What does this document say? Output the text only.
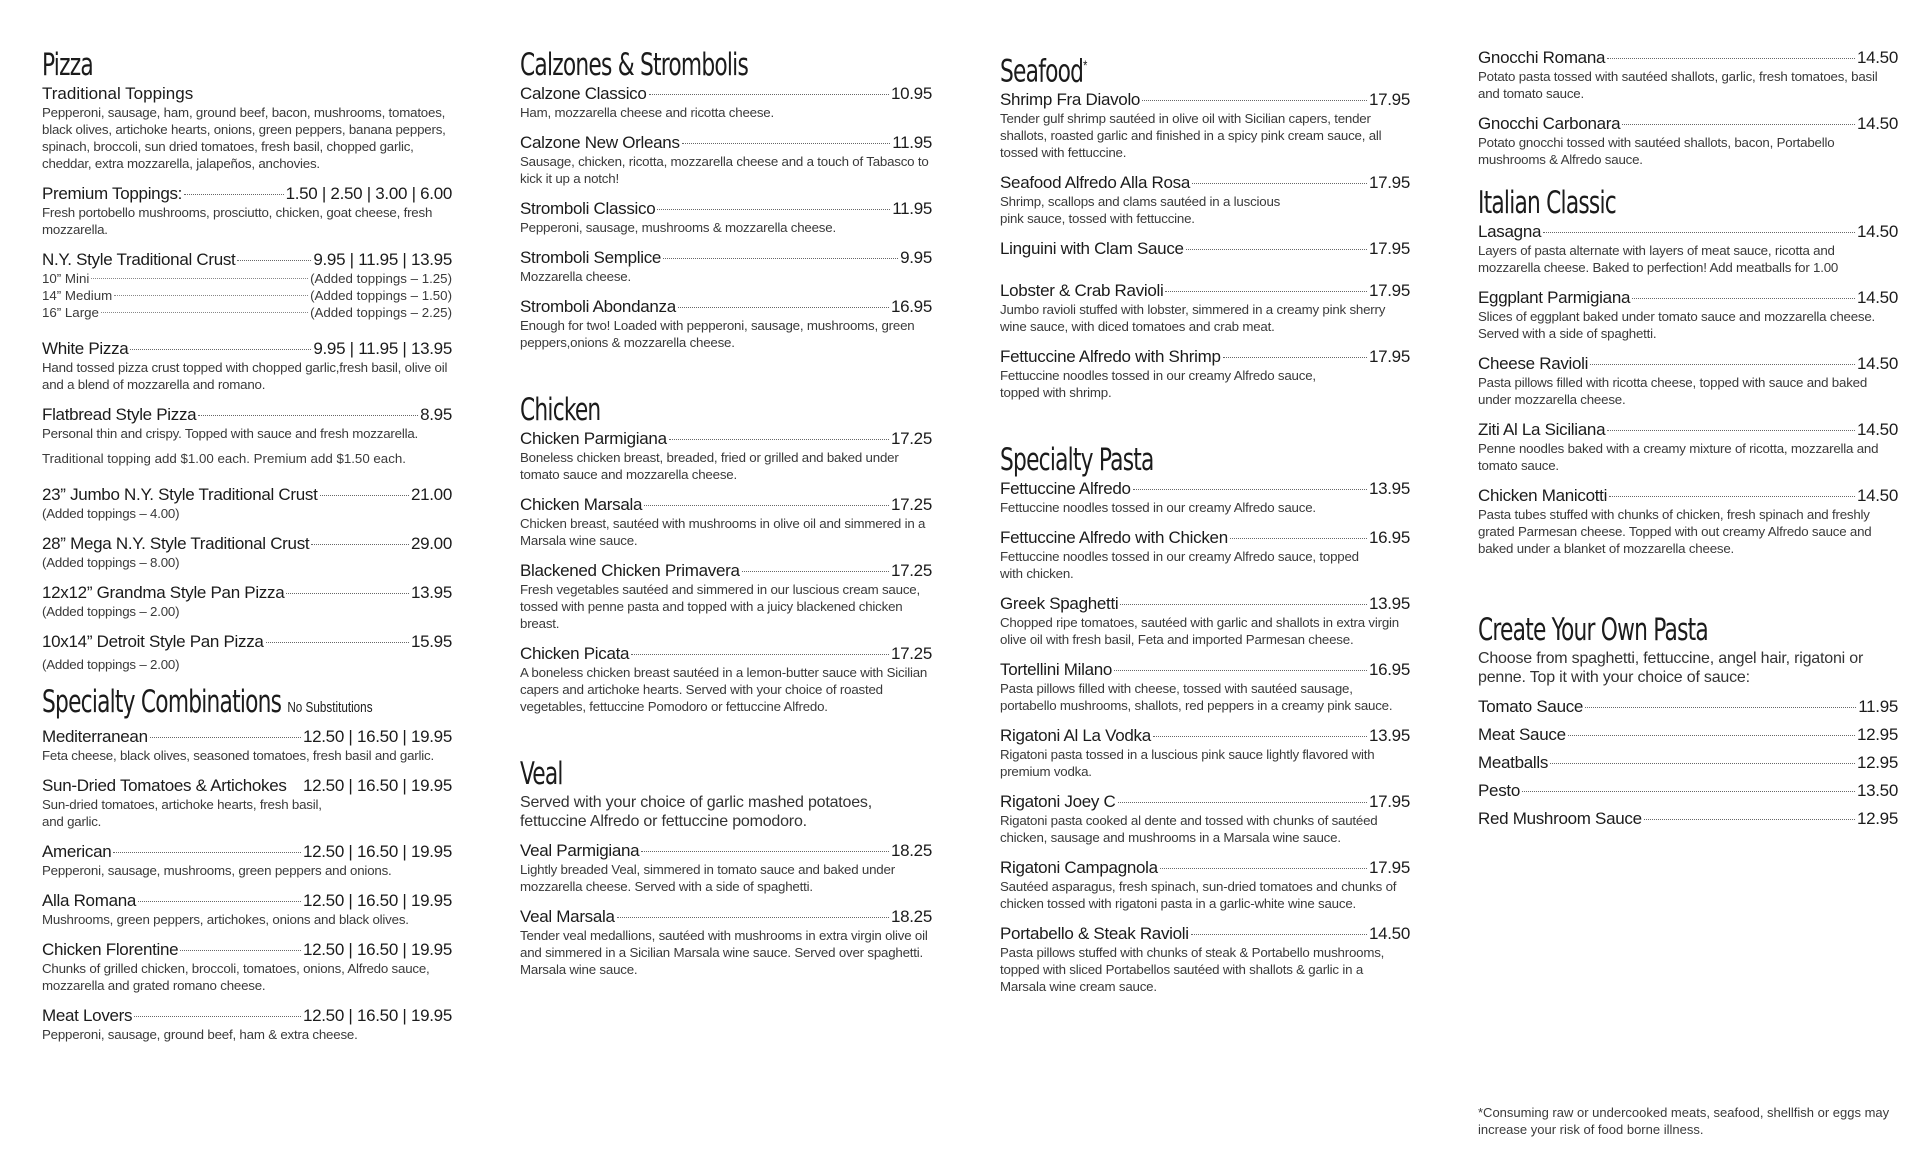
Pizza
Traditional Toppings
Pepperoni, sausage, ham, ground beef, bacon, mushrooms, tomatoes, black olives, artichoke hearts, onions, green peppers, banana peppers, spinach, broccoli, sun dried tomatoes, fresh basil, chopped garlic, cheddar, extra mozzarella, jalapeños, anchovies.
Premium Toppings:	1.50 | 2.50 | 3.00 | 6.00
Fresh portobello mushrooms, prosciutto, chicken, goat cheese, fresh mozzarella.
N.Y. Style Traditional Crust	9.95 | 11.95 | 13.95
10” Mini	(Added toppings – 1.25)
14” Medium	(Added toppings – 1.50)
16” Large	(Added toppings – 2.25)
White Pizza	9.95 | 11.95 | 13.95
Hand tossed pizza crust topped with chopped garlic,fresh basil, olive oil and a blend of mozzarella and romano.
Flatbread Style Pizza	8.95
Personal thin and crispy. Topped with sauce and fresh mozzarella.
Traditional topping add $1.00 each. Premium add $1.50 each.
23” Jumbo N.Y. Style Traditional Crust	21.00
(Added toppings – 4.00)
28” Mega N.Y. Style Traditional Crust	29.00
(Added toppings – 8.00)
12x12” Grandma Style Pan Pizza	13.95
(Added toppings – 2.00)
10x14” Detroit Style Pan Pizza	15.95
(Added toppings – 2.00)
Specialty Combinations No Substitutions
Mediterranean	12.50 | 16.50 | 19.95
Feta cheese, black olives, seasoned tomatoes, fresh basil and garlic.
Sun-Dried Tomatoes & Artichokes 12.50 | 16.50 | 19.95
Sun-dried tomatoes, artichoke hearts, fresh basil, and garlic.
American	12.50 | 16.50 | 19.95
Pepperoni, sausage, mushrooms, green peppers and onions.
Alla Romana	12.50 | 16.50 | 19.95
Mushrooms, green peppers, artichokes, onions and black olives.
Chicken Florentine	12.50 | 16.50 | 19.95
Chunks of grilled chicken, broccoli, tomatoes, onions, Alfredo sauce, mozzarella and grated romano cheese.
Meat Lovers	12.50 | 16.50 | 19.95
Pepperoni, sausage, ground beef, ham & extra cheese.
Calzones & Strombolis
Calzone Classico	10.95
Ham, mozzarella cheese and ricotta cheese.
Calzone New Orleans	11.95
Sausage, chicken, ricotta, mozzarella cheese and a touch of Tabasco to kick it up a notch!
Stromboli Classico	11.95
Pepperoni, sausage, mushrooms & mozzarella cheese.
Stromboli Semplice	9.95
Mozzarella cheese.
Stromboli Abondanza	16.95
Enough for two! Loaded with pepperoni, sausage, mushrooms, green peppers,onions & mozzarella cheese.
Chicken
Chicken Parmigiana	17.25
Boneless chicken breast, breaded, fried or grilled and baked under tomato sauce and mozzarella cheese.
Chicken Marsala	17.25
Chicken breast, sautéed with mushrooms in olive oil and simmered in a Marsala wine sauce.
Blackened Chicken Primavera	17.25
Fresh vegetables sautéed and simmered in our luscious cream sauce, tossed with penne pasta and topped with a juicy blackened chicken breast.
Chicken Picata	17.25
A boneless chicken breast sautéed in a lemon-butter sauce with Sicilian capers and artichoke hearts. Served with your choice of roasted vegetables, fettuccine Pomodoro or fettuccine Alfredo.
Veal
Served with your choice of garlic mashed potatoes, fettuccine Alfredo or fettuccine pomodoro.
Veal Parmigiana	18.25
Lightly breaded Veal, simmered in tomato sauce and baked under mozzarella cheese. Served with a side of spaghetti.
Veal Marsala	18.25
Tender veal medallions, sautéed with mushrooms in extra virgin olive oil and simmered in a Sicilian Marsala wine sauce. Served over spaghetti. Marsala wine sauce.
Seafood*
Shrimp Fra Diavolo	17.95
Tender gulf shrimp sautéed in olive oil with Sicilian capers, tender shallots, roasted garlic and finished in a spicy pink cream sauce, all tossed with fettuccine.
Seafood Alfredo Alla Rosa	17.95
Shrimp, scallops and clams sautéed in a luscious pink sauce, tossed with fettuccine.
Linguini with Clam Sauce	17.95
Lobster & Crab Ravioli	17.95
Jumbo ravioli stuffed with lobster, simmered in a creamy pink sherry wine sauce, with diced tomatoes and crab meat.
Fettuccine Alfredo with Shrimp	17.95
Fettuccine noodles tossed in our creamy Alfredo sauce, topped with shrimp.
Specialty Pasta
Fettuccine Alfredo	13.95
Fettuccine noodles tossed in our creamy Alfredo sauce.
Fettuccine Alfredo with Chicken	16.95
Fettuccine noodles tossed in our creamy Alfredo sauce, topped with chicken.
Greek Spaghetti	13.95
Chopped ripe tomatoes, sautéed with garlic and shallots in extra virgin olive oil with fresh basil, Feta and imported Parmesan cheese.
Tortellini Milano	16.95
Pasta pillows filled with cheese, tossed with sautéed sausage, portabello mushrooms, shallots, red peppers in a creamy pink sauce.
Rigatoni Al La Vodka	13.95
Rigatoni pasta tossed in a luscious pink sauce lightly flavored with premium vodka.
Rigatoni Joey C	17.95
Rigatoni pasta cooked al dente and tossed with chunks of sautéed chicken, sausage and mushrooms in a Marsala wine sauce.
Rigatoni Campagnola	17.95
Sautéed asparagus, fresh spinach, sun-dried tomatoes and chunks of chicken tossed with rigatoni pasta in a garlic-white wine sauce.
Portabello & Steak Ravioli	14.50
Pasta pillows stuffed with chunks of steak & Portabello mushrooms, topped with sliced Portabellos sautéed with shallots & garlic in a Marsala wine cream sauce.
Gnocchi Romana	14.50
Potato pasta tossed with sautéed shallots, garlic, fresh tomatoes, basil and tomato sauce.
Gnocchi Carbonara	14.50
Potato gnocchi tossed with sautéed shallots, bacon, Portabello mushrooms & Alfredo sauce.
Italian Classic
Lasagna	14.50
Layers of pasta alternate with layers of meat sauce, ricotta and mozzarella cheese. Baked to perfection! Add meatballs for 1.00
Eggplant Parmigiana	14.50
Slices of eggplant baked under tomato sauce and mozzarella cheese. Served with a side of spaghetti.
Cheese Ravioli	14.50
Pasta pillows filled with ricotta cheese, topped with sauce and baked under mozzarella cheese.
Ziti Al La Siciliana	14.50
Penne noodles baked with a creamy mixture of ricotta, mozzarella and tomato sauce.
Chicken Manicotti	14.50
Pasta tubes stuffed with chunks of chicken, fresh spinach and freshly grated Parmesan cheese. Topped with out creamy Alfredo sauce and baked under a blanket of mozzarella cheese.
Create Your Own Pasta
Choose from spaghetti, fettuccine, angel hair, rigatoni or penne. Top it with your choice of sauce:
Tomato Sauce	11.95
Meat Sauce	12.95
Meatballs	12.95
Pesto	13.50
Red Mushroom Sauce	12.95
*Consuming raw or undercooked meats, seafood, shellfish or eggs may increase your risk of food borne illness.
